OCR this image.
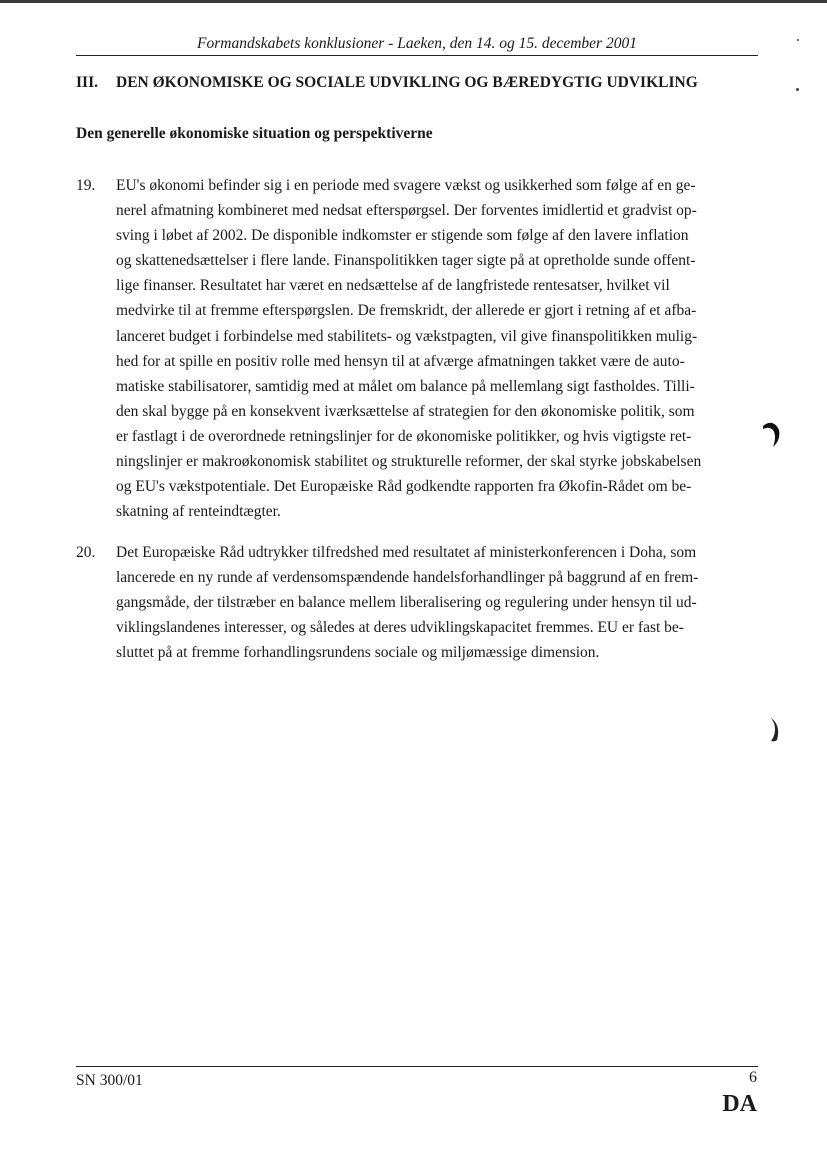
Formandskabets konklusioner - Laeken, den 14. og 15. december 2001
III. DEN ØKONOMISKE OG SOCIALE UDVIKLING OG BÆREDYGTIG UDVIKLING
Den generelle økonomiske situation og perspektiverne
19. EU's økonomi befinder sig i en periode med svagere vækst og usikkerhed som følge af en ge-
nerel afmatning kombineret med nedsat efterspørgsel. Der forventes imidlertid et gradvist op-
sving i løbet af 2002. De disponible indkomster er stigende som følge af den lavere inflation
og skattenedsættelser i flere lande. Finanspolitikken tager sigte på at opretholde sunde offent-
lige finanser. Resultatet har været en nedsættelse af de langfristede rentesatser, hvilket vil
medvirke til at fremme efterspørgslen. De fremskridt, der allerede er gjort i retning af et afba-
lanceret budget i forbindelse med stabilitets- og vækstpagten, vil give finanspolitikken mulig-
hed for at spille en positiv rolle med hensyn til at afværge afmatningen takket være de auto-
matiske stabilisatorer, samtidig med at målet om balance på mellemlang sigt fastholdes. Tilli-
den skal bygge på en konsekvent iværksættelse af strategien for den økonomiske politik, som
er fastlagt i de overordnede retningslinjer for de økonomiske politikker, og hvis vigtigste ret-
ningslinjer er makroøkonomisk stabilitet og strukturelle reformer, der skal styrke jobskabelsen
og EU's vækstpotentiale. Det Europæiske Råd godkendte rapporten fra Økofin-Rådet om be-
skatning af renteindtægter.
20. Det Europæiske Råd udtrykker tilfredshed med resultatet af ministerkonferencen i Doha, som
lancerede en ny runde af verdensomspændende handelsforhandlinger på baggrund af en frem-
gangsmåde, der tilstræber en balance mellem liberalisering og regulering under hensyn til ud-
viklingslandenes interesser, og således at deres udviklingskapacitet fremmes. EU er fast be-
sluttet på at fremme forhandlingsrundens sociale og miljømæssige dimension.
SN 300/01	6
DA
